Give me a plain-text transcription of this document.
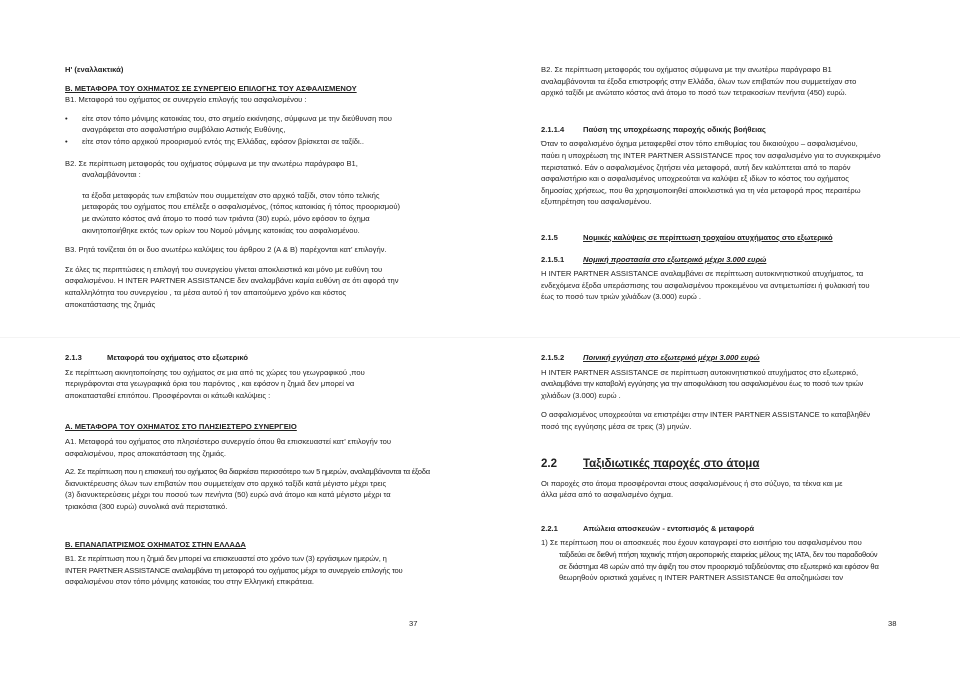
Η' (εναλλακτικά)

Β. ΜΕΤΑΦΟΡΑ ΤΟΥ ΟΧΗΜΑΤΟΣ ΣΕ ΣΥΝΕΡΓΕΙΟ ΕΠΙΛΟΓΗΣ ΤΟΥ ΑΣΦΑΛΙΣΜΕΝΟΥ

Β1. Μεταφορά του οχήματος σε συνεργείο επιλογής του ασφαλισμένου :

• είτε στον τόπο μόνιμης κατοικίας του, στο σημείο εκκίνησης, σύμφωνα με την διεύθυνση που

αναγράφεται στο ασφαλιστήριο συμβόλαιο Αστικής Ευθύνης,

• είτε στον τόπο αρχικού προορισμού εντός της Ελλάδας, εφόσον βρίσκεται σε ταξίδι..

Β2. Σε περίπτωση μεταφοράς του οχήματος σύμφωνα με την ανωτέρω παράγραφο Β1,

αναλαμβάνονται :

τα έξοδα μεταφοράς των επιβατών που συμμετείχαν στο αρχικό ταξίδι, στον τόπο τελικής

μεταφοράς του οχήματος που επέλεξε ο ασφαλισμένος, (τόπος κατοικίας ή τόπος προορισμού)

με ανώτατο κόστος ανά άτομο το ποσό των τριάντα (30) ευρώ, μόνο εφόσον το όχημα

ακινητοποιήθηκε εκτός των ορίων του Νομού μόνιμης κατοικίας του ασφαλισμένου.

Β3. Ρητά τονίζεται ότι οι δυο ανωτέρω καλύψεις του άρθρου 2 (Α & Β) παρέχονται κατ’ επιλογήν.

Σε όλες τις περιπτώσεις η επιλογή του συνεργείου γίνεται αποκλειστικά και μόνο με ευθύνη του

ασφαλισμένου. Η INTER PARTNER ASSISTANCE δεν αναλαμβάνει καμία ευθύνη σε ότι αφορά την

καταλληλότητα του συνεργείου , τα μέσα αυτού ή τον απαιτούμενο χρόνο και κόστος

αποκατάστασης της ζημιάς

Β2. Σε περίπτωση μεταφοράς του οχήματος σύμφωνα με την ανωτέρω παράγραφο Β1

αναλαμβάνονται τα έξοδα επιστροφής στην Ελλάδα, όλων των επιβατών που συμμετείχαν στο

αρχικό ταξίδι με ανώτατο κόστος ανά άτομο το ποσό των τετρακοσίων πενήντα (450) ευρώ.

2.1.1.4	Παύση της υποχρέωσης παροχής οδικής βοήθειας

Όταν το ασφαλισμένο όχημα μεταφερθεί στον τόπο επιθυμίας του δικαιούχου – ασφαλισμένου,

παύει η υποχρέωση της INTER PARTNER ASSISTANCE προς τον ασφαλισμένο για το συγκεκριμένο

περιστατικό. Εάν ο ασφαλισμένος ζητήσει νέα μεταφορά, αυτή δεν καλύπτεται από το παρόν

ασφαλιστήριο και ο ασφαλισμένος υποχρεούται να καλύψει εξ ιδίων το κόστος του οχήματος

δημοσίας χρήσεως, που θα χρησιμοποιηθεί αποκλειστικά για τη νέα μεταφορά προς περαιτέρω

εξυπηρέτηση του ασφαλισμένου.

2.1.5	Νομικές καλύψεις σε περίπτωση τροχαίου ατυχήματος στο εξωτερικό
2.1.5.1	Νομική προστασία στο εξωτερικό μέχρι 3.000 ευρώ

Η INTER PARTNER ASSISTANCE αναλαμβάνει σε περίπτωση αυτοκινητιστικού ατυχήματος, τα

ενδεχόμενα έξοδα υπεράσπισης του ασφαλισμένου προκειμένου να αντιμετωπίσει ή φυλακισή του

έως το ποσό των τριών χιλιάδων (3.000) ευρώ .

2.1.3	Μεταφορά του οχήματος στο εξωτερικό

Σε περίπτωση ακινητοποίησης του οχήματος σε μια από τις χώρες του γεωγραφικού ,που

περιγράφονται στα γεωγραφικά όρια του παρόντος , και εφόσον η ζημιά δεν μπορεί να

αποκατασταθεί επιτόπου. Προσφέρονται οι κάτωθι καλύψεις :

Α. ΜΕΤΑΦΟΡΑ ΤΟΥ ΟΧΗΜΑΤΟΣ ΣΤΟ ΠΛΗΣΙΕΣΤΕΡΟ ΣΥΝΕΡΓΕΙΟ

Α1. Μεταφορά του οχήματος στο πλησιέστερο συνεργείο όπου θα επισκευαστεί κατ’ επιλογήν του

ασφαλισμένου, προς αποκατάσταση της ζημιάς.

Α2. Σε περίπτωση που η επισκευή του οχήματος θα διαρκέσει περισσότερο των 5 ημερών, αναλαμβάνονται τα έξοδα

διανυκτέρευσης όλων των επιβατών που συμμετείχαν στο αρχικό ταξίδι κατά μέγιστο μέχρι τρεις

(3) διανυκτερεύσεις μέχρι του ποσού των πενήντα (50) ευρώ ανά άτομο και κατά μέγιστο μέχρι τα

τριακόσια (300 ευρώ) συνολικά ανά περιστατικό.

Β. ΕΠΑΝΑΠΑΤΡΙΣΜΟΣ ΟΧΗΜΑΤΟΣ ΣΤΗΝ ΕΛΛΑΔΑ

Β1. Σε περίπτωση που η ζημιά δεν μπορεί να επισκευαστεί στο χρόνο των (3) εργάσιμων ημερών, η

INTER PARTNER ASSISTANCE αναλαμβάνει τη μεταφορά του οχήματος μέχρι το συνεργείο επιλογής του

ασφαλισμένου στον τόπο μόνιμης κατοικίας του στην Ελληνική επικράτεια.

37
2.1.5.2	Ποινική εγγύηση στο εξωτερικό μέχρι 3.000 ευρώ

Η INTER PARTNER ASSISTANCE σε περίπτωση αυτοκινητιστικού ατυχήματος στο εξωτερικό,

αναλαμβάνει την καταβολή εγγύησης για την αποφυλάκιση του ασφαλισμένου έως το ποσό των τριών

χιλιάδων (3.000) ευρώ .

Ο ασφαλισμένος υποχρεούται να επιστρέψει στην INTER PARTNER ASSISTANCE το καταβληθέν

ποσό της εγγύησης μέσα σε τρεις (3) μηνών.

2.2	Ταξιδιωτικές παροχές στο άτομα

Οι παροχές στο άτομα προσφέρονται στους ασφαλισμένους ή στο σύζυγο, τα τέκνα και με

άλλα μέσα από το ασφαλισμένο όχημα.

2.2.1	Απώλεια αποσκευών - εντοπισμός & μεταφορά

1) Σε περίπτωση που οι αποσκευές που έχουν καταγραφεί στο εισιτήριο του ασφαλισμένου που

ταξιδεύει σε διεθνή πτήση ταχτικής πτήση αεροπορικής εταιρείας μέλους της IATA, δεν του παραδοθούν

σε διάστημα 48 ωρών από την άφιξη του στον προορισμό ταξιδεύοντας στο εξωτερικό και εφόσον θα

θεωρηθούν οριστικά χαμένες η INTER PARTNER ASSISTANCE θα αποζημιώσει τον

38
